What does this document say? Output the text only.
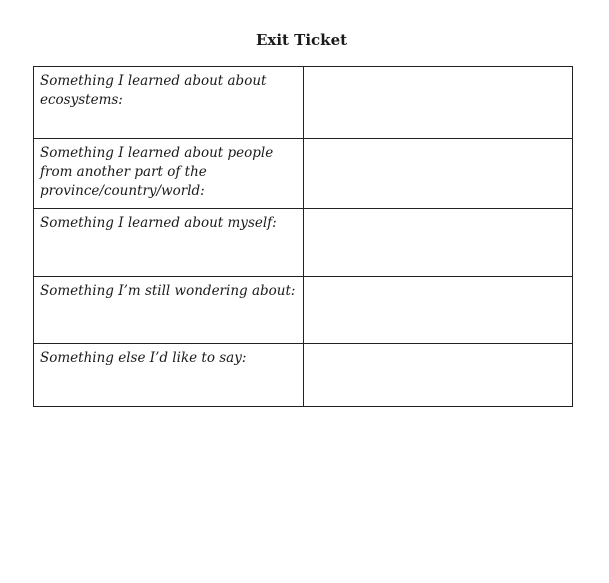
Exit Ticket
Something I learned about about ecosystems:	
Something I learned about people from another part of the province/country/world:	
Something I learned about myself:	
Something I’m still wondering about:	
Something else I’d like to say:	
